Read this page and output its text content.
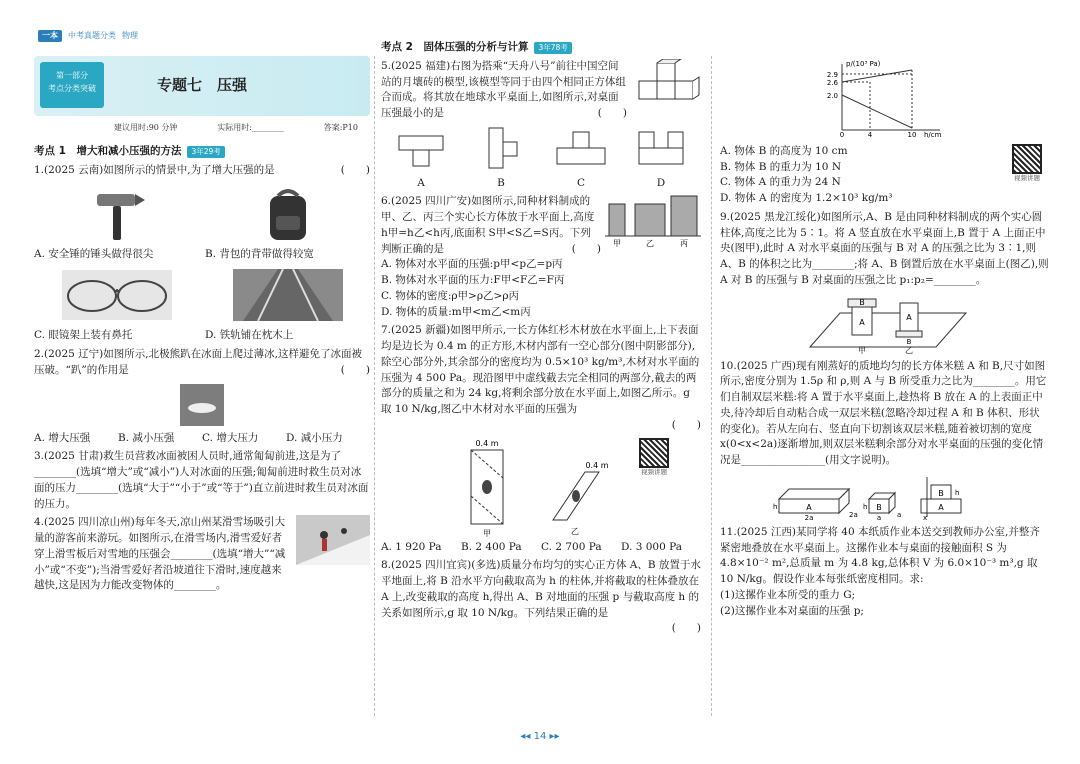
一本	中考真题分类 物理
第一部分
考点分类突破	专题七　压强
建议用时:90 分钟	实际用时:________	答案:P10
考点 1　增大和减小压强的方法	3年29考
(　　)
1.(2025 云南)如图所示的情景中,为了增大压强的是
A. 安全锤的锤头做得很尖	B. 背包的背带做得较宽
C. 眼镜架上装有鼻托	D. 铁轨铺在枕木上
2.(2025 辽宁)如图所示,北极熊趴在冰面上爬过薄冰,这样避免了冰面被压破。“趴”的作用是	(　　)
A. 增大压强	B. 减小压强	C. 增大压力	D. 减小压力
3.(2025 甘肃)救生员营救冰面被困人员时,通常匍匐前进,这是为了________(选填“增大”或“减小”)人对冰面的压强;匍匐前进时救生员对冰面的压力________(选填“大于”“小于”或“等于”)直立前进时救生员对冰面的压力。
4.(2025 四川凉山州)每年冬天,凉山州某滑雪场吸引大量的游客前来游玩。如图所示,在滑雪场内,滑雪爱好者穿上滑雪板后对雪地的压强会________(选填“增大”“减小”或“不变”);当滑雪爱好者沿坡道往下滑时,速度越来越快,这是因为力能改变物体的________。
考点 2　固体压强的分析与计算	3年78考
5.(2025 福建)右图为搭乘“天舟八号”前往中国空间站的月壤砖的模型,该模型等同于由四个相同正方体组合而成。将其放在地球水平桌面上,如图所示,对桌面压强最小的是	(　　)
A	B	C	D
甲	乙	丙
6.(2025 四川广安)如图所示,同种材料制成的甲、乙、丙三个实心长方体放于水平面上,高度 h甲=h乙<h丙,底面积 S甲<S乙=S丙。下列判断正确的是	(　　)
A. 物体对水平面的压强:p甲<p乙=p丙
B. 物体对水平面的压力:F甲<F乙=F丙
C. 物体的密度:ρ甲>ρ乙>ρ丙
D. 物体的质量:m甲<m乙<m丙
7.(2025 新疆)如图甲所示,一长方体红杉木材放在水平面上,上下表面均是边长为 0.4 m 的正方形,木材内部有一空心部分(图中阴影部分),除空心部分外,其余部分的密度均为 0.5×10³ kg/m³,木材对水平面的压强为 4 500 Pa。现沿图甲中虚线截去完全相同的两部分,截去的两部分的质量之和为 24 kg,将剩余部分放在水平面上,如图乙所示。g 取 10 N/kg,图乙中木材对水平面的压强为
(　　)
0.4 m
甲
0.4 m
乙
视频讲题
A. 1 920 Pa	B. 2 400 Pa	C. 2 700 Pa	D. 3 000 Pa
8.(2025 四川宜宾)(多选)质量分布均匀的实心正方体 A、B 放置于水平地面上,将 B 沿水平方向截取高为 h 的柱体,并将截取的柱体叠放在 A 上,改变截取的高度 h,得出 A、B 对地面的压强 p 与截取高度 h 的关系如图所示,g 取 10 N/kg。下列结果正确的是
(　　)
p/(10³ Pa)
h/cm
2.9
2.6
2.0
0	4	10
视频讲题
A. 物体 B 的高度为 10 cm
B. 物体 B 的重力为 10 N
C. 物体 A 的重力为 24 N
D. 物体 A 的密度为 1.2×10³ kg/m³
9.(2025 黑龙江绥化)如图所示,A、B 是由同种材料制成的两个实心圆柱体,高度之比为 5∶1。将 A 竖直放在水平桌面上,B 置于 A 上面正中央(图甲),此时 A 对水平桌面的压强与 B 对 A 的压强之比为 3∶1,则 A、B 的体积之比为________;将 A、B 倒置后放在水平桌面上(图乙),则 A 对 B 的压强与 B 对桌面的压强之比 p₁:p₂=________。
B
A
A
B
甲	乙
10.(2025 广西)现有刚蒸好的质地均匀的长方体米糕 A 和 B,尺寸如图所示,密度分别为 1.5ρ 和 ρ,则 A 与 B 所受重力之比为________。用它们自制双层米糕:将 A 置于水平桌面上,趁热将 B 放在 A 的上表面正中央,待冷却后自动粘合成一双层米糕(忽略冷却过程 A 和 B 体积、形状的变化)。若从左向右、竖直向下切割该双层米糕,随着被切割的宽度 x(0<x<2a)逐渐增加,则双层米糕剩余部分对水平桌面的压强的变化情况是________________(用文字说明)。
h	A
2a	2a
h B
a a
B h
A
x
11.(2025 江西)某同学将 40 本纸质作业本送交到教师办公室,并整齐紧密地叠放在水平桌面上。这摞作业本与桌面的接触面积 S 为 4.8×10⁻² m²,总质量 m 为 4.8 kg,总体积 V 为 6.0×10⁻³ m³,g 取 10 N/kg。假设作业本每张纸密度相同。求:
(1)这摞作业本所受的重力 G;
(2)这摞作业本对桌面的压强 p;
◂◂ 14 ▸▸
